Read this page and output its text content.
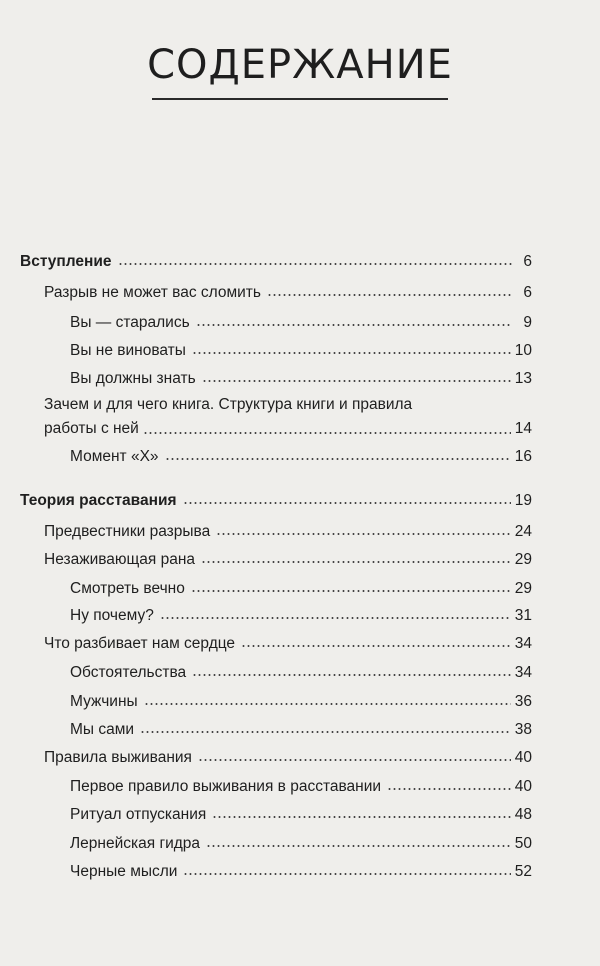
СОДЕРЖАНИЕ
Вступление	6
Разрыв не может вас сломить	6
Вы — старались	9
Вы не виноваты	10
Вы должны знать	13
Зачем и для чего книга. Структура книги и правила
работы с ней	14
Момент «Х»	16
Теория расставания	19
Предвестники разрыва	24
Незаживающая рана	29
Смотреть вечно	29
Ну почему?	31
Что разбивает нам сердце	34
Обстоятельства	34
Мужчины	36
Мы сами	38
Правила выживания	40
Первое правило выживания в расставании	40
Ритуал отпускания	48
Лернейская гидра	50
Черные мысли	52
